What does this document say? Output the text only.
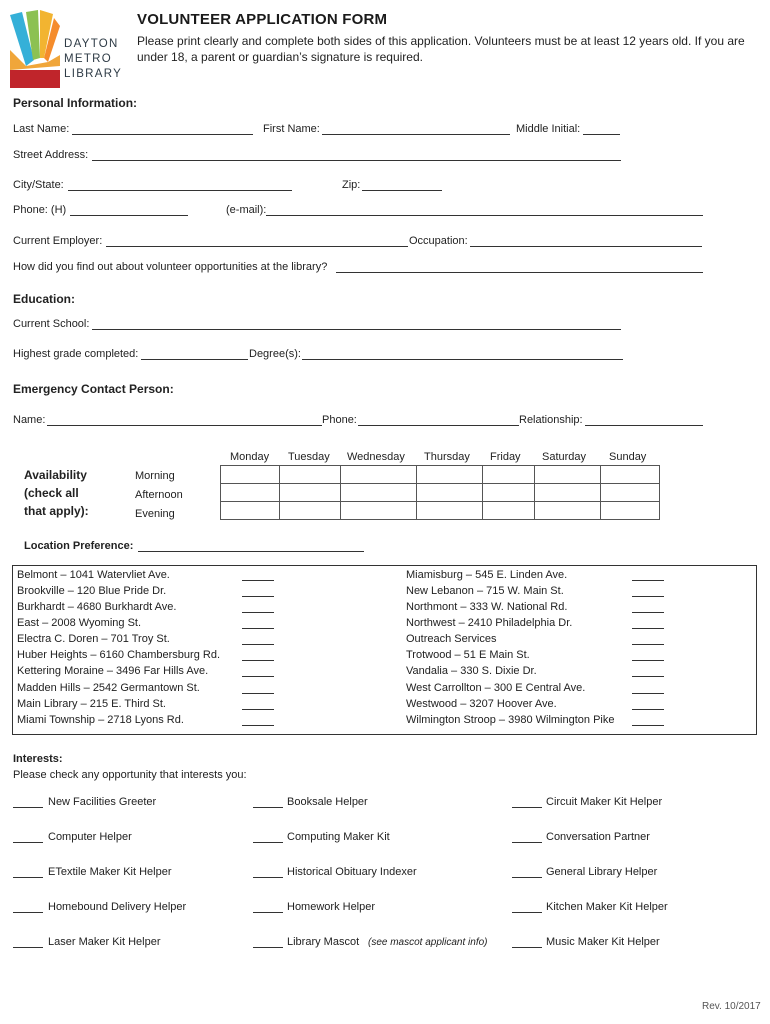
DAYTON
METRO
LIBRARY
VOLUNTEER APPLICATION FORM
Please print clearly and complete both sides of this application. Volunteers must be at least 12 years old. If you are under 18, a parent or guardian’s signature is required.
Personal Information:
Last Name:	First Name:	Middle Initial:
Street Address:
City/State:	Zip:
Phone: (H)	(e-mail):
Current Employer:	Occupation:
How did you find out about volunteer opportunities at the library?
Education:
Current School:
Highest grade completed:	Degree(s):
Emergency Contact Person:
Name:	Phone:	Relationship:
Monday Tuesday Wednesday Thursday Friday Saturday Sunday
Availability
(check all
that apply):
Morning
Afternoon
Evening

Location Preference:
Belmont – 1041 Watervliet Ave.
Brookville – 120 Blue Pride Dr.
Burkhardt – 4680 Burkhardt Ave.
East – 2008 Wyoming St.
Electra C. Doren – 701 Troy St.
Huber Heights – 6160 Chambersburg Rd.
Kettering Moraine – 3496 Far Hills Ave.
Madden Hills – 2542 Germantown St.
Main Library – 215 E. Third St.
Miami Township – 2718 Lyons Rd.
Miamisburg – 545 E. Linden Ave.
New Lebanon – 715 W. Main St.
Northmont – 333 W. National Rd.
Northwest – 2410 Philadelphia Dr.
Outreach Services
Trotwood – 51 E Main St.
Vandalia – 330 S. Dixie Dr.
West Carrollton – 300 E Central Ave.
Westwood – 3207 Hoover Ave.
Wilmington Stroop – 3980 Wilmington Pike
Interests:
Please check any opportunity that interests you:
New Facilities Greeter
Computer Helper
ETextile Maker Kit Helper
Homebound Delivery Helper
Laser Maker Kit Helper
Booksale Helper
Computing Maker Kit
Historical Obituary Indexer
Homework Helper
Library Mascot (see mascot applicant info)
Circuit Maker Kit Helper
Conversation Partner
General Library Helper
Kitchen Maker Kit Helper
Music Maker Kit Helper
Rev. 10/2017
